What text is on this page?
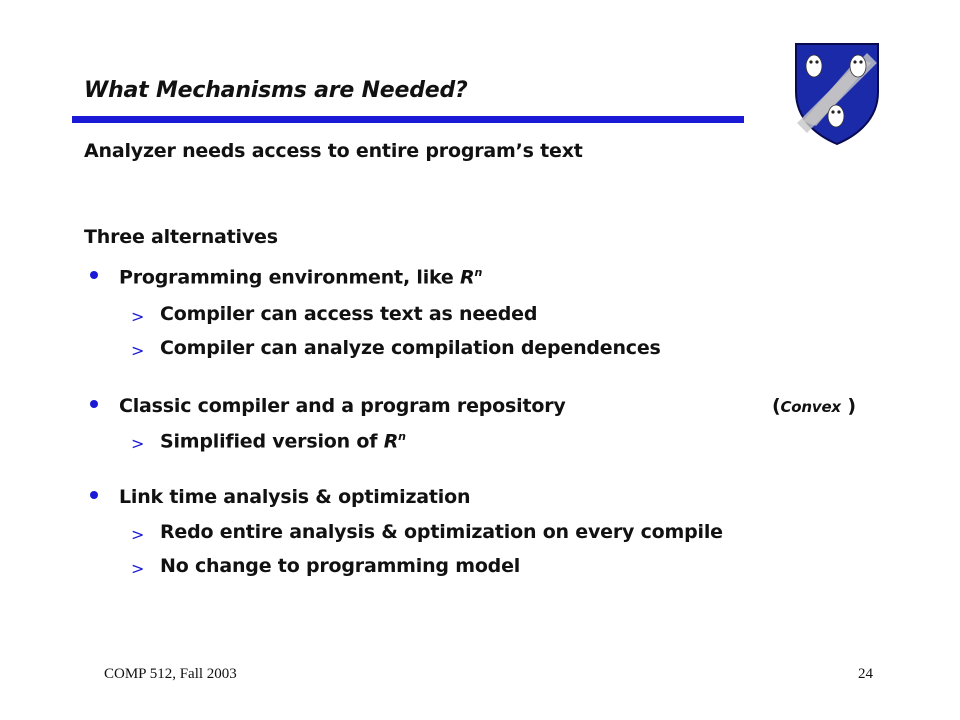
What Mechanisms are Needed?
Analyzer needs access to entire program’s text
Three alternatives
Programming environment, like $R^n$
> Compiler can access text as needed
> Compiler can analyze compilation dependences
Classic compiler and a program repository	(Convex )
> Simplified version of $R^n$
Link time analysis & optimization
> Redo entire analysis & optimization on every compile
> No change to programming model
COMP 512, Fall 2003	24
